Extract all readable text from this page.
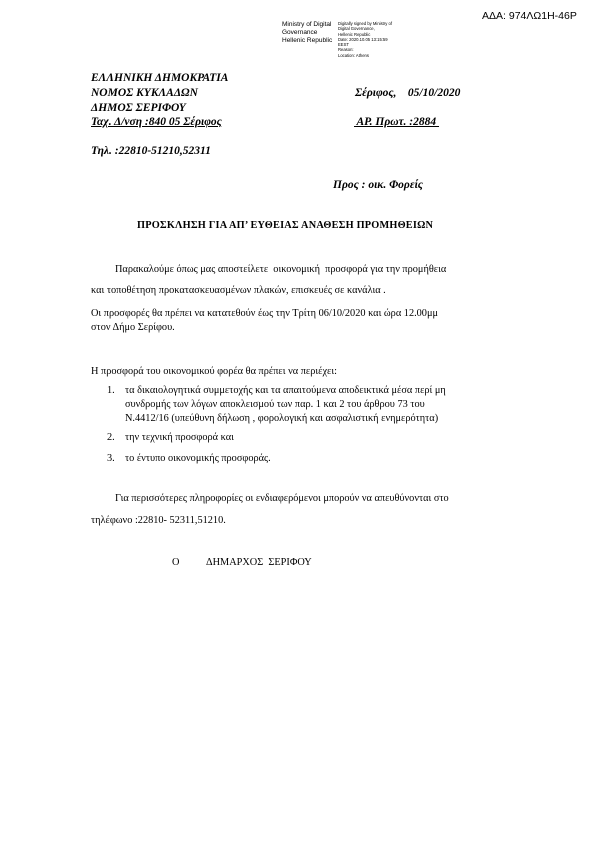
ΑΔΑ: 974ΛΩ1Η-46Ρ
Ministry of Digital
Governance
Hellenic Republic
Digitally signed by Ministry of
Digital Governance,
Hellenic Republic
Date: 2020.10.05 13:15:59
EEST
Reason:
Location: Athens
ΕΛΛΗΝΙΚΗ ΔΗΜΟΚΡΑΤΙΑ
ΝΟΜΟΣ ΚΥΚΛΑΔΩΝ
ΔΗΜΟΣ ΣΕΡΙΦΟΥ
Ταχ. Δ/νση :840 05 Σέριφος
Τηλ. :22810-51210,52311
Σέριφος,    05/10/2020
ΑΡ. Πρωτ. :2884
Προς : οικ. Φορείς
ΠΡΟΣΚΛΗΣΗ ΓΙΑ ΑΠ’ ΕΥΘΕΙΑΣ ΑΝΑΘΕΣΗ ΠΡΟΜΗΘΕΙΩΝ
Παρακαλούμε όπως μας αποστείλετε  οικονομική  προσφορά για την προμήθεια
και τοποθέτηση προκατασκευασμένων πλακών, επισκευές σε κανάλια .
Οι προσφορές θα πρέπει να κατατεθούν έως την Τρίτη 06/10/2020 και ώρα 12.00μμ
στον Δήμο Σερίφου.
Η προσφορά του οικονομικού φορέα θα πρέπει να περιέχει:
1. τα δικαιολογητικά συμμετοχής και τα απαιτούμενα αποδεικτικά μέσα περί μη
συνδρομής των λόγων αποκλεισμού των παρ. 1 και 2 του άρθρου 73 του
Ν.4412/16 (υπεύθυνη δήλωση , φορολογική και ασφαλιστική ενημερότητα)
2. την τεχνική προσφορά και
3. το έντυπο οικονομικής προσφοράς.
Για περισσότερες πληροφορίες οι ενδιαφερόμενοι μπορούν να απευθύνονται στο
τηλέφωνο :22810- 52311,51210.
Ο	ΔΗΜΑΡΧΟΣ  ΣΕΡΙΦΟΥ
